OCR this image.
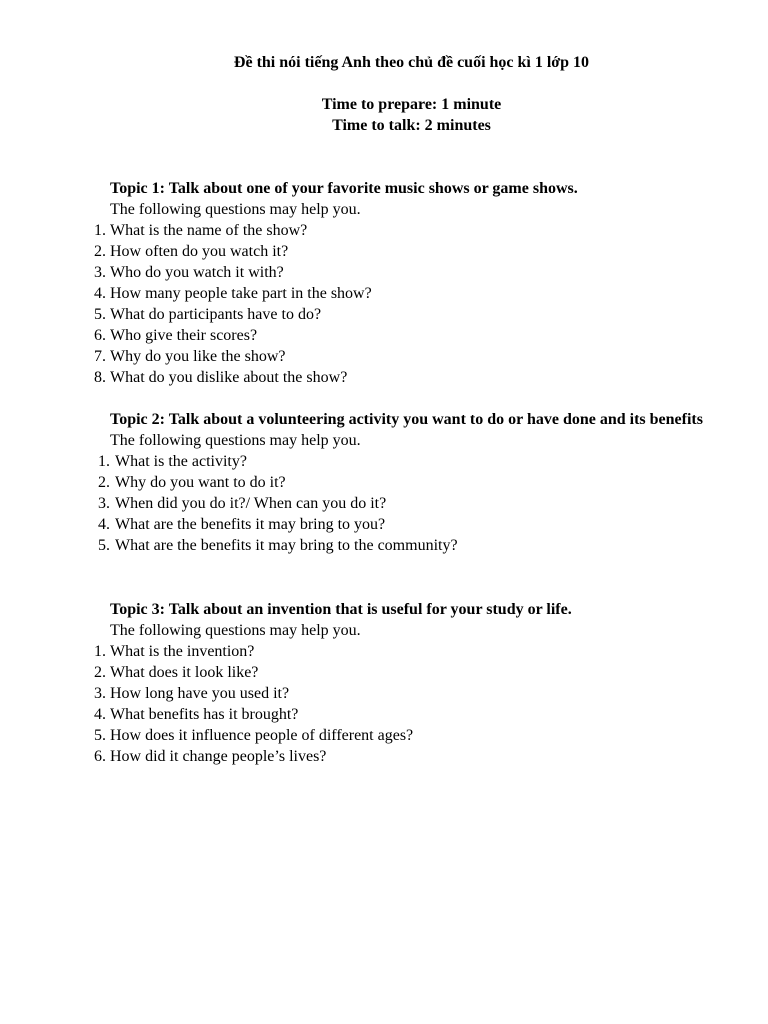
Đề thi nói tiếng Anh theo chủ đề cuối học kì 1 lớp 10
Time to prepare: 1 minute
Time to talk: 2 minutes

Topic 1: Talk about one of your favorite music shows or game shows.

The following questions may help you.

1. What is the name of the show?
2. How often do you watch it?
3. Who do you watch it with?
4. How many people take part in the show?
5. What do participants have to do?
6. Who give their scores?
7. Why do you like the show?
8. What do you dislike about the show?

Topic 2: Talk about a volunteering activity you want to do or have done and its benefits

The following questions may help you.

1. What is the activity?
2. Why do you want to do it?
3. When did you do it?/ When can you do it?
4. What are the benefits it may bring to you?
5. What are the benefits it may bring to the community?

Topic 3: Talk about an invention that is useful for your study or life.

The following questions may help you.

1. What is the invention?
2. What does it look like?
3. How long have you used it?
4. What benefits has it brought?
5. How does it influence people of different ages?
6. How did it change people’s lives?
